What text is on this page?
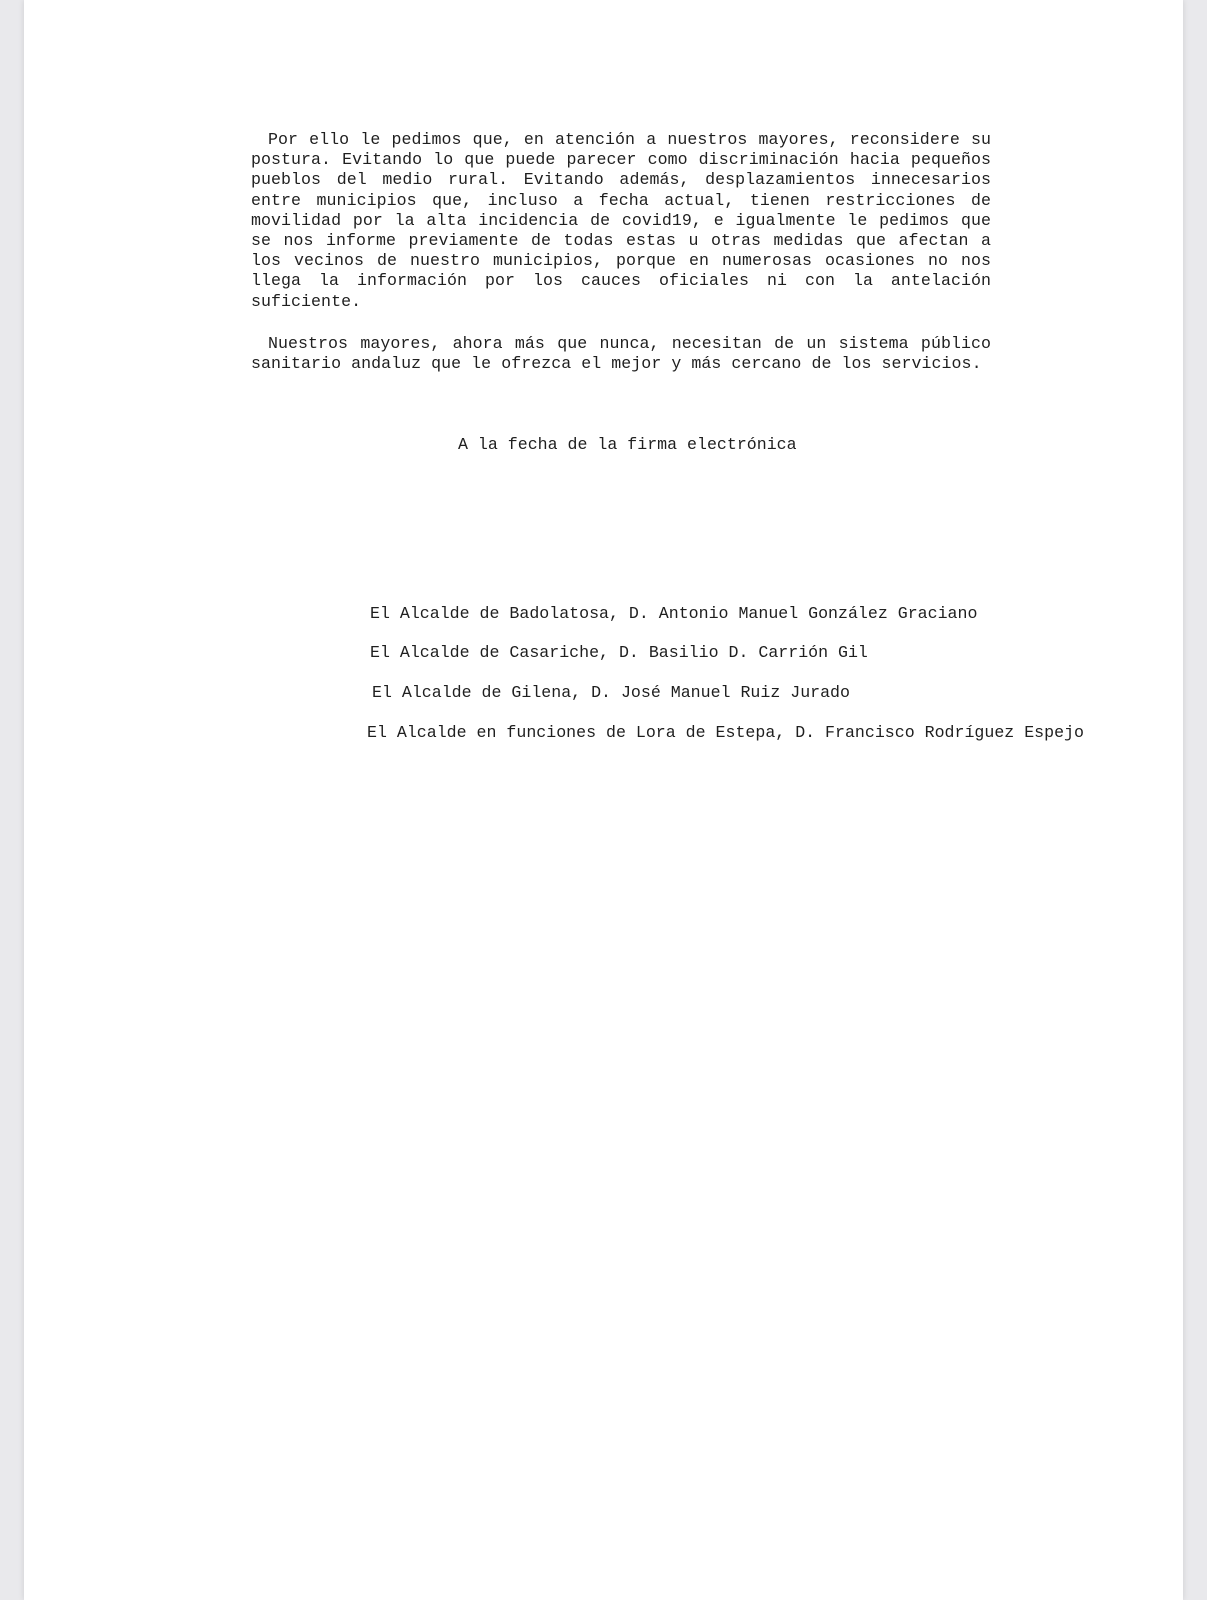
Por ello le pedimos que, en atención a nuestros mayores, reconsidere su postura. Evitando lo que puede parecer como discriminación hacia pequeños pueblos del medio rural. Evitando además, desplazamientos innecesarios entre municipios que, incluso a fecha actual, tienen restricciones de movilidad por la alta incidencia de covid19, e igualmente le pedimos que se nos informe previamente de todas estas u otras medidas que afectan a los vecinos de nuestro municipios, porque en numerosas ocasiones no nos llega la información por los cauces oficiales ni con la antelación suficiente.

Nuestros mayores, ahora más que nunca, necesitan de un sistema público sanitario andaluz que le ofrezca el mejor y más cercano de los servicios.

A la fecha de la firma electrónica
El Alcalde de Badolatosa, D. Antonio Manuel González Graciano
El Alcalde de Casariche, D. Basilio D. Carrión Gil
El Alcalde de Gilena, D. José Manuel Ruiz Jurado
El Alcalde en funciones de Lora de Estepa, D. Francisco Rodríguez Espejo
